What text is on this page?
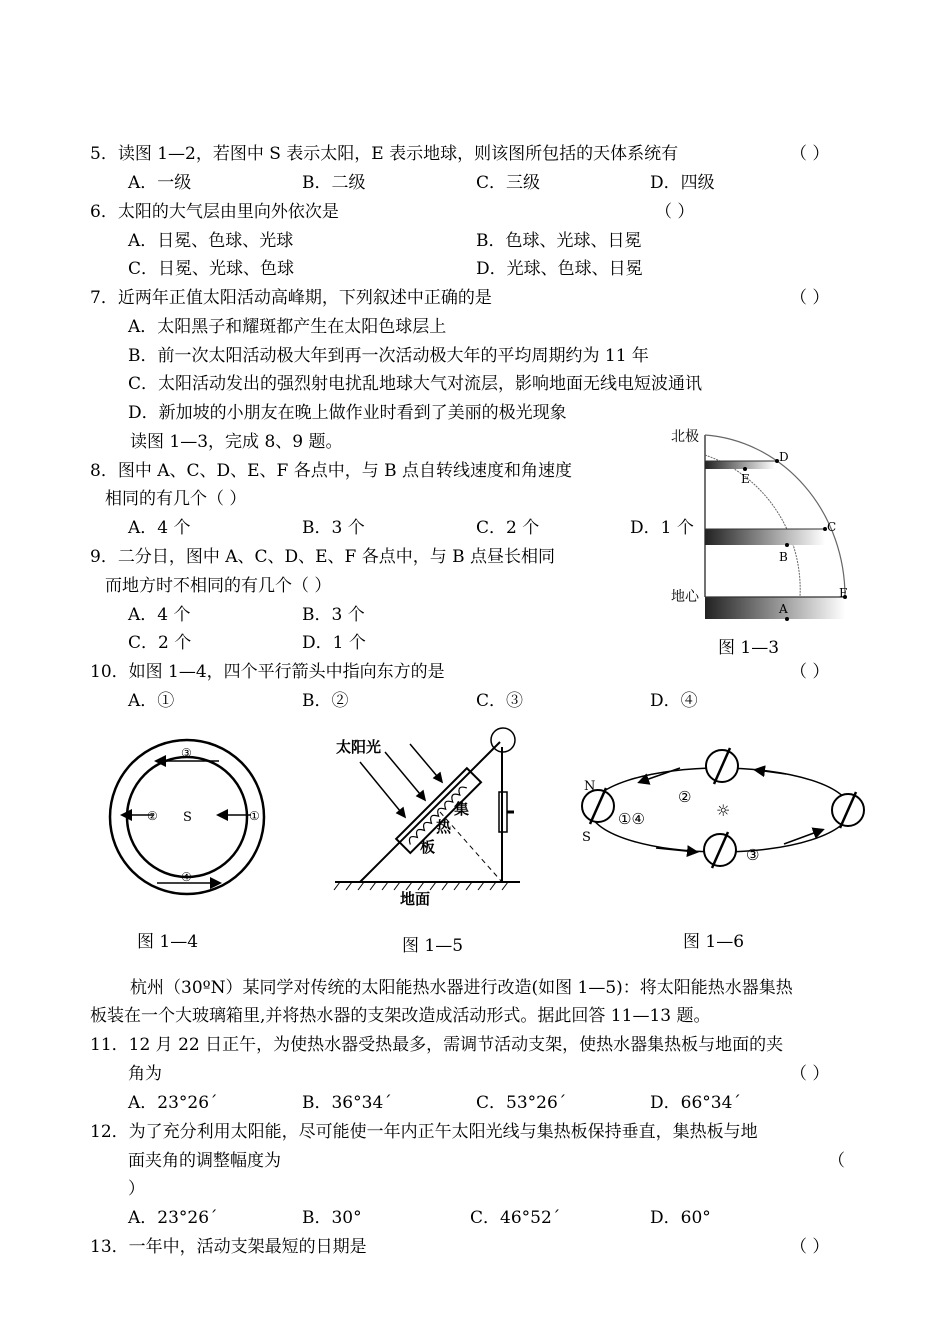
5．读图 1—2，若图中 S 表示太阳，E 表示地球，则该图所包括的天体系统有	（ ）
A．一级	B．二级	C．三级	D．四级
6．太阳的大气层由里向外依次是	（ ）
A．日冕、色球、光球	B．色球、光球、日冕
C．日冕、光球、色球	D．光球、色球、日冕
7．近两年正值太阳活动高峰期，下列叙述中正确的是	（ ）
A．太阳黑子和耀斑都产生在太阳色球层上
B．前一次太阳活动极大年到再一次活动极大年的平均周期约为 11 年
C．太阳活动发出的强烈射电扰乱地球大气对流层，影响地面无线电短波通讯
D．新加坡的小朋友在晚上做作业时看到了美丽的极光现象
读图 1—3，完成 8、9 题。
8．图中 A、C、D、E、F 各点中，与 B 点自转线速度和角速度
相同的有几个（ ）
A．4 个	B．3 个	C．2 个	D．1 个
9．二分日，图中 A、C、D、E、F 各点中，与 B 点昼长相同
而地方时不相同的有几个（ ）
A．4 个	B．3 个
C．2 个	D．1 个
北极
地心
D
E
C
B
F
A
图 1—3
10．如图 1—4，四个平行箭头中指向东方的是	（ ）
A．①	B．②	C．③	D．④
③
④
②	①
S
图 1—4
太阳光
集
热
板
地面
图 1—5
N
S
①④
②
③
☼
图 1—6
杭州（30ºN）某同学对传统的太阳能热水器进行改造(如图 1—5)：将太阳能热水器集热
板装在一个大玻璃箱里,并将热水器的支架改造成活动形式。据此回答 11—13 题。
11．12 月 22 日正午，为使热水器受热最多，需调节活动支架，使热水器集热板与地面的夹
角为	（ ）
A．23°26ˊ	B．36°34ˊ	C．53°26ˊ	D．66°34ˊ
12．为了充分利用太阳能，尽可能使一年内正午太阳光线与集热板保持垂直，集热板与地
面夹角的调整幅度为	（
）
A．23°26ˊ	B．30°	C．46°52ˊ	D．60°
13．一年中，活动支架最短的日期是	（ ）
